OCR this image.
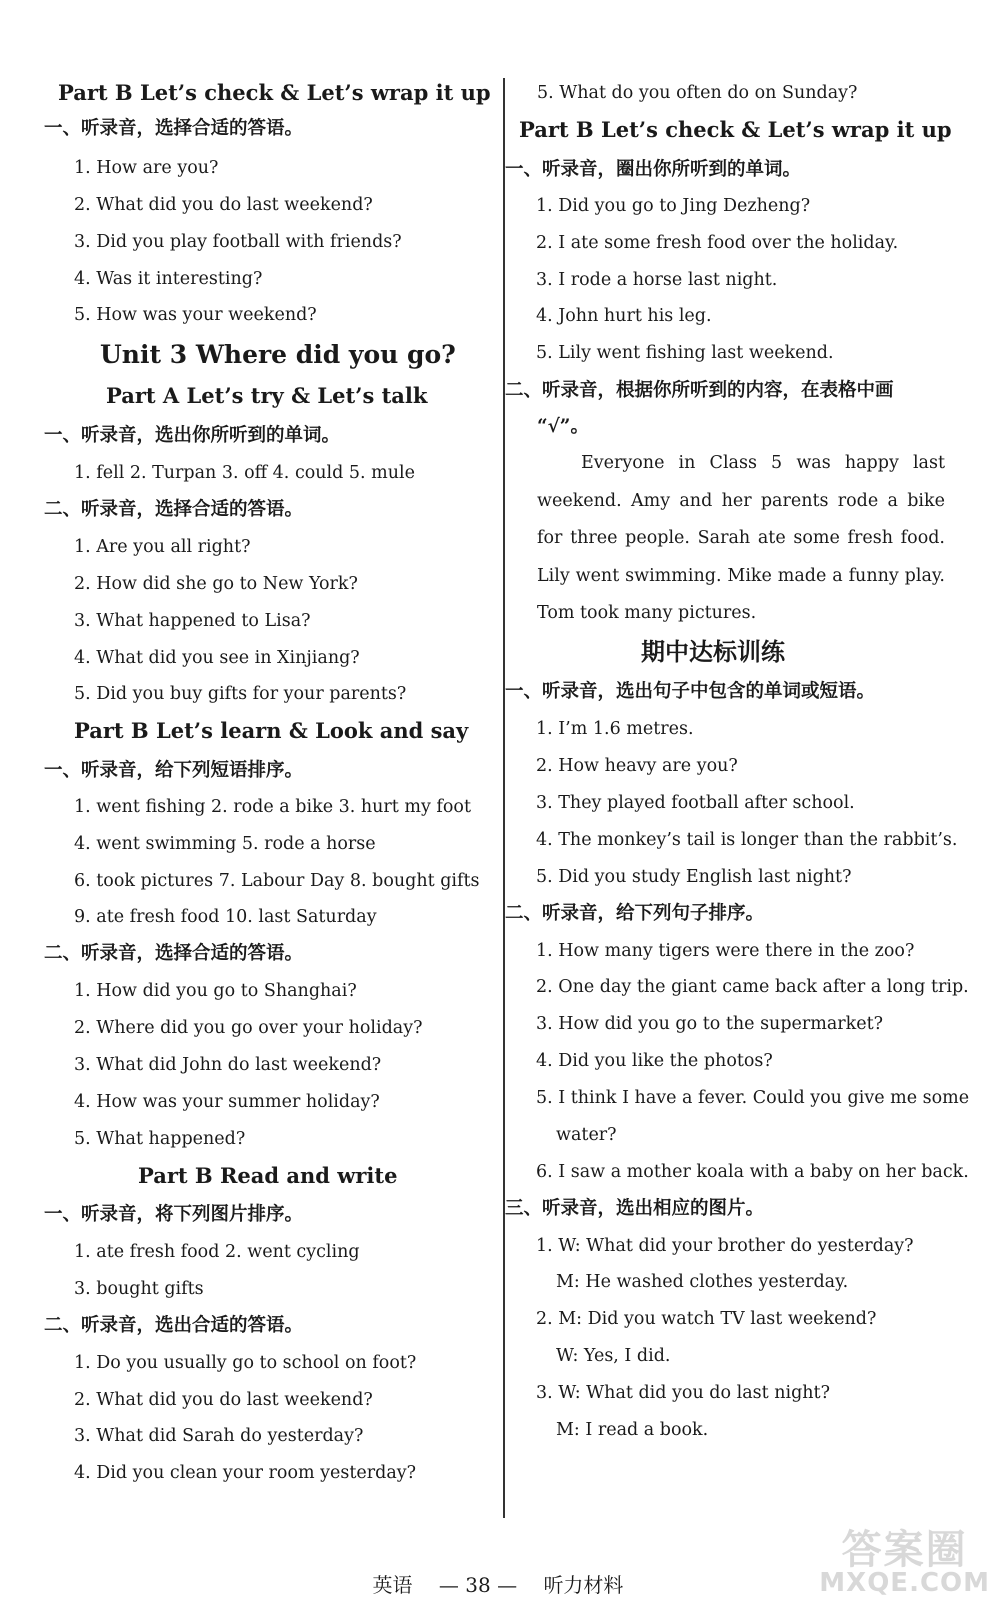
Part B Let’s check & Let’s wrap it up
一、听录音，选择合适的答语。
1. How are you?
2. What did you do last weekend?
3. Did you play football with friends?
4. Was it interesting?
5. How was your weekend?
Unit 3 Where did you go?
Part A Let’s try & Let’s talk
一、听录音，选出你所听到的单词。
1. fell 2. Turpan 3. off 4. could 5. mule
二、听录音，选择合适的答语。
1. Are you all right?
2. How did she go to New York?
3. What happened to Lisa?
4. What did you see in Xinjiang?
5. Did you buy gifts for your parents?
Part B Let’s learn & Look and say
一、听录音，给下列短语排序。
1. went fishing 2. rode a bike 3. hurt my foot
4. went swimming 5. rode a horse
6. took pictures 7. Labour Day 8. bought gifts
9. ate fresh food 10. last Saturday
二、听录音，选择合适的答语。
1. How did you go to Shanghai?
2. Where did you go over your holiday?
3. What did John do last weekend?
4. How was your summer holiday?
5. What happened?
Part B Read and write
一、听录音，将下列图片排序。
1. ate fresh food 2. went cycling
3. bought gifts
二、听录音，选出合适的答语。
1. Do you usually go to school on foot?
2. What did you do last weekend?
3. What did Sarah do yesterday?
4. Did you clean your room yesterday?
5. What do you often do on Sunday?
Part B Let’s check & Let’s wrap it up
一、听录音，圈出你所听到的单词。
1. Did you go to Jing Dezheng?
2. I ate some fresh food over the holiday.
3. I rode a horse last night.
4. John hurt his leg.
5. Lily went fishing last weekend.
二、听录音，根据你所听到的内容，在表格中画
“√”。
Everyone in Class 5 was happy last weekend. Amy and her parents rode a bike for three people. Sarah ate some fresh food. Lily went swimming. Mike made a funny play. Tom took many pictures.
期中达标训练
一、听录音，选出句子中包含的单词或短语。
1. I’m 1.6 metres.
2. How heavy are you?
3. They played football after school.
4. The monkey’s tail is longer than the rabbit’s.
5. Did you study English last night?
二、听录音，给下列句子排序。
1. How many tigers were there in the zoo?
2. One day the giant came back after a long trip.
3. How did you go to the supermarket?
4. Did you like the photos?
5. I think I have a fever. Could you give me some
water?
6. I saw a mother koala with a baby on her back.
三、听录音，选出相应的图片。
1. W: What did your brother do yesterday?
M: He washed clothes yesterday.
2. M: Did you watch TV last weekend?
W: Yes, I did.
3. W: What did you do last night?
M: I read a book.
英语 — 38 — 听力材料
答案圈
MXQE.COM
